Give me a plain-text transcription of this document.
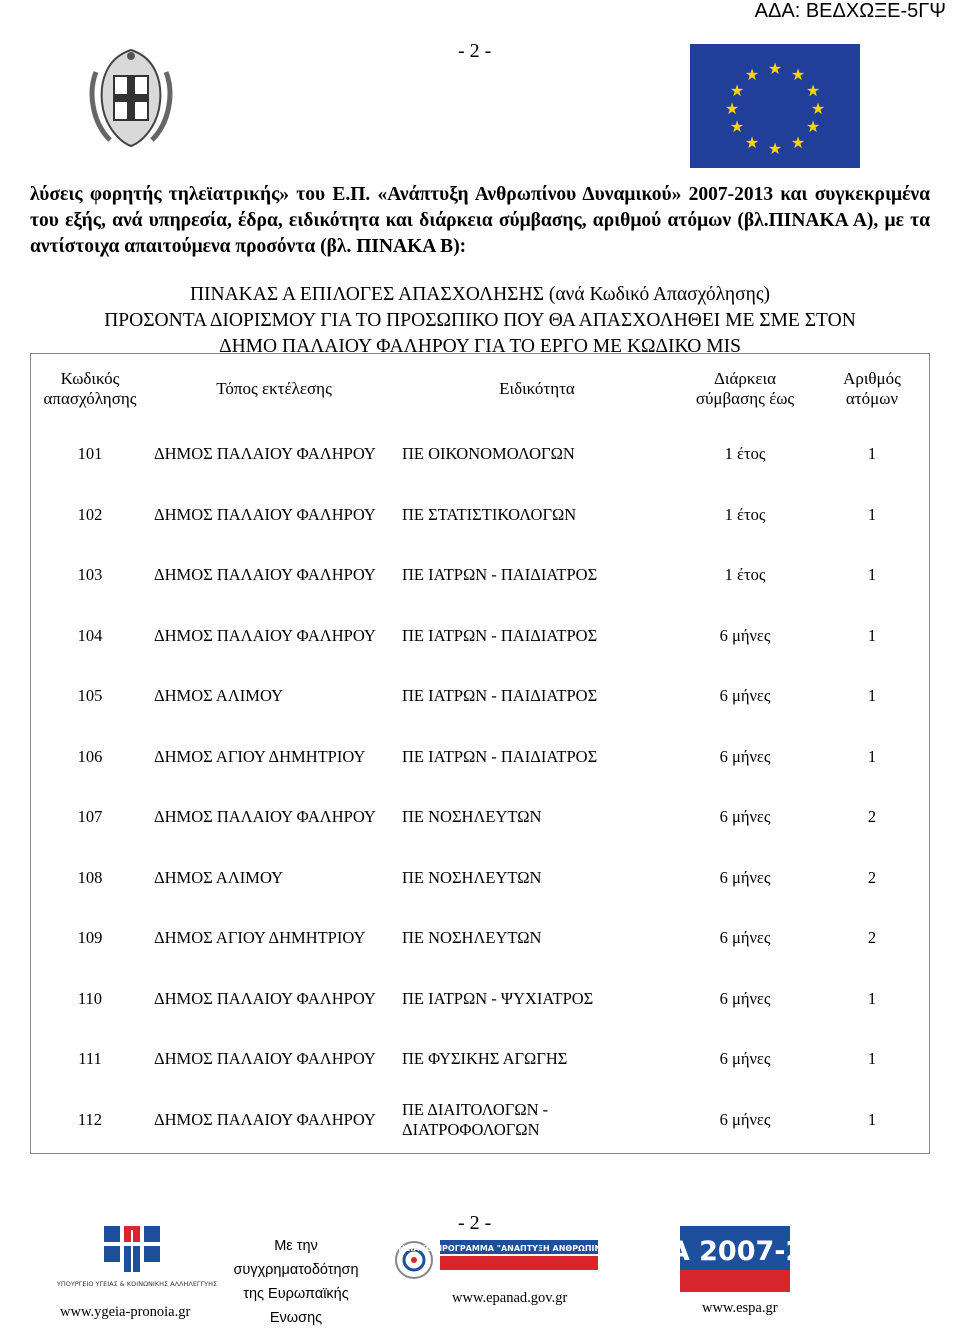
ΑΔΑ: ΒΕΔΧΩΞΕ-5ΓΨ
- 2 -
★ ★
★
★
★
★
★
★
★
★
★
★

λύσεις φορητής τηλεϊατρικής» του Ε.Π. «Ανάπτυξη Ανθρωπίνου Δυναμικού» 2007-2013 και συγκεκριμένα του εξής, ανά υπηρεσία, έδρα, ειδικότητα και διάρκεια σύμβασης, αριθμού ατόμων (βλ.ΠΙΝΑΚΑ Α), με τα αντίστοιχα απαιτούμενα προσόντα (βλ. ΠΙΝΑΚΑ Β):

ΠΙΝΑΚΑΣ Α ΕΠΙΛΟΓΕΣ ΑΠΑΣΧΟΛΗΣΗΣ (ανά Κωδικό Απασχόλησης)
ΠΡΟΣΟΝΤΑ ΔΙΟΡΙΣΜΟΥ ΓΙΑ ΤΟ ΠΡΟΣΩΠΙΚΟ ΠΟΥ ΘΑ ΑΠΑΣΧΟΛΗΘΕΙ ΜΕ ΣΜΕ ΣΤΟΝ
ΔΗΜΟ ΠΑΛΑΙΟΥ ΦΑΛΗΡΟΥ ΓΙΑ ΤΟ ΕΡΓΟ ΜΕ ΚΩΔΙΚΟ MIS
Κωδικός απασχόλησης	Τόπος εκτέλεσης	Ειδικότητα	Διάρκεια σύμβασης έως	Αριθμός ατόμων
101	ΔΗΜΟΣ ΠΑΛΑΙΟΥ ΦΑΛΗΡΟΥ	ΠΕ ΟΙΚΟΝΟΜΟΛΟΓΩΝ	1 έτος	1
102	ΔΗΜΟΣ ΠΑΛΑΙΟΥ ΦΑΛΗΡΟΥ	ΠΕ ΣΤΑΤΙΣΤΙΚΟΛΟΓΩΝ	1 έτος	1
103	ΔΗΜΟΣ ΠΑΛΑΙΟΥ ΦΑΛΗΡΟΥ	ΠΕ ΙΑΤΡΩΝ - ΠΑΙΔΙΑΤΡΟΣ	1 έτος	1
104	ΔΗΜΟΣ ΠΑΛΑΙΟΥ ΦΑΛΗΡΟΥ	ΠΕ ΙΑΤΡΩΝ - ΠΑΙΔΙΑΤΡΟΣ	6 μήνες	1
105	ΔΗΜΟΣ ΑΛΙΜΟΥ	ΠΕ ΙΑΤΡΩΝ - ΠΑΙΔΙΑΤΡΟΣ	6 μήνες	1
106	ΔΗΜΟΣ ΑΓΙΟΥ ΔΗΜΗΤΡΙΟΥ	ΠΕ ΙΑΤΡΩΝ - ΠΑΙΔΙΑΤΡΟΣ	6 μήνες	1
107	ΔΗΜΟΣ ΠΑΛΑΙΟΥ ΦΑΛΗΡΟΥ	ΠΕ ΝΟΣΗΛΕΥΤΩΝ	6 μήνες	2
108	ΔΗΜΟΣ ΑΛΙΜΟΥ	ΠΕ ΝΟΣΗΛΕΥΤΩΝ	6 μήνες	2
109	ΔΗΜΟΣ ΑΓΙΟΥ ΔΗΜΗΤΡΙΟΥ	ΠΕ ΝΟΣΗΛΕΥΤΩΝ	6 μήνες	2
110	ΔΗΜΟΣ ΠΑΛΑΙΟΥ ΦΑΛΗΡΟΥ	ΠΕ ΙΑΤΡΩΝ - ΨΥΧΙΑΤΡΟΣ	6 μήνες	1
111	ΔΗΜΟΣ ΠΑΛΑΙΟΥ ΦΑΛΗΡΟΥ	ΠΕ ΦΥΣΙΚΗΣ ΑΓΩΓΗΣ	6 μήνες	1
112	ΔΗΜΟΣ ΠΑΛΑΙΟΥ ΦΑΛΗΡΟΥ	ΠΕ ΔΙΑΙΤΟΛΟΓΩΝ - ΔΙΑΤΡΟΦΟΛΟΓΩΝ	6 μήνες	1
- 2 -
ΥΠΟΥΡΓΕΙΟ ΥΓΕΙΑΣ & ΚΟΙΝΩΝΙΚΗΣ ΑΛΛΗΛΕΓΓΥΗΣ
www.ygeia-pronoia.gr
Με την συγχρηματοδότηση της Ευρωπαϊκής Ενωσης
ΕΠΙΧΕΙΡΗΣΙΑΚΟ ΠΡΟΓΡΑΜΜΑ "ΑΝΑΠΤΥΞΗ ΑΝΘΡΩΠΙΝΟΥ ΔΥΝΑΜΙΚΟΥ"
www.epanad.gov.gr
ΕΣΠΑ 2007-2013
www.espa.gr
